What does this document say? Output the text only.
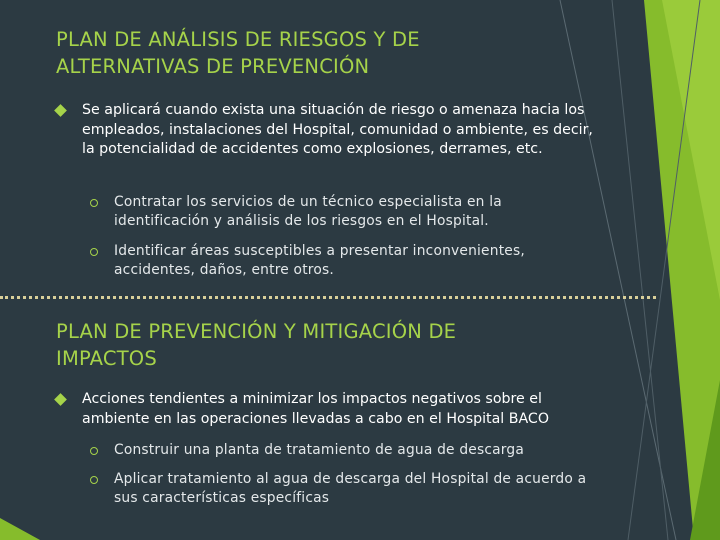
PLAN DE ANÁLISIS DE RIESGOS Y DE
ALTERNATIVAS DE PREVENCIÓN
Se aplicará cuando exista una situación de riesgo o amenaza hacia los empleados, instalaciones del Hospital, comunidad o ambiente, es decir, la potencialidad de accidentes como explosiones, derrames, etc.
Contratar los servicios de un técnico especialista en la identificación y análisis de los riesgos en el Hospital.
Identificar áreas susceptibles a presentar inconvenientes, accidentes, daños, entre otros.
PLAN DE PREVENCIÓN Y MITIGACIÓN DE
IMPACTOS
Acciones tendientes a minimizar los impactos negativos sobre el ambiente en las operaciones llevadas a cabo en el Hospital BACO
Construir una planta de tratamiento de agua de descarga
Aplicar tratamiento al agua de descarga del Hospital de acuerdo a sus características específicas
